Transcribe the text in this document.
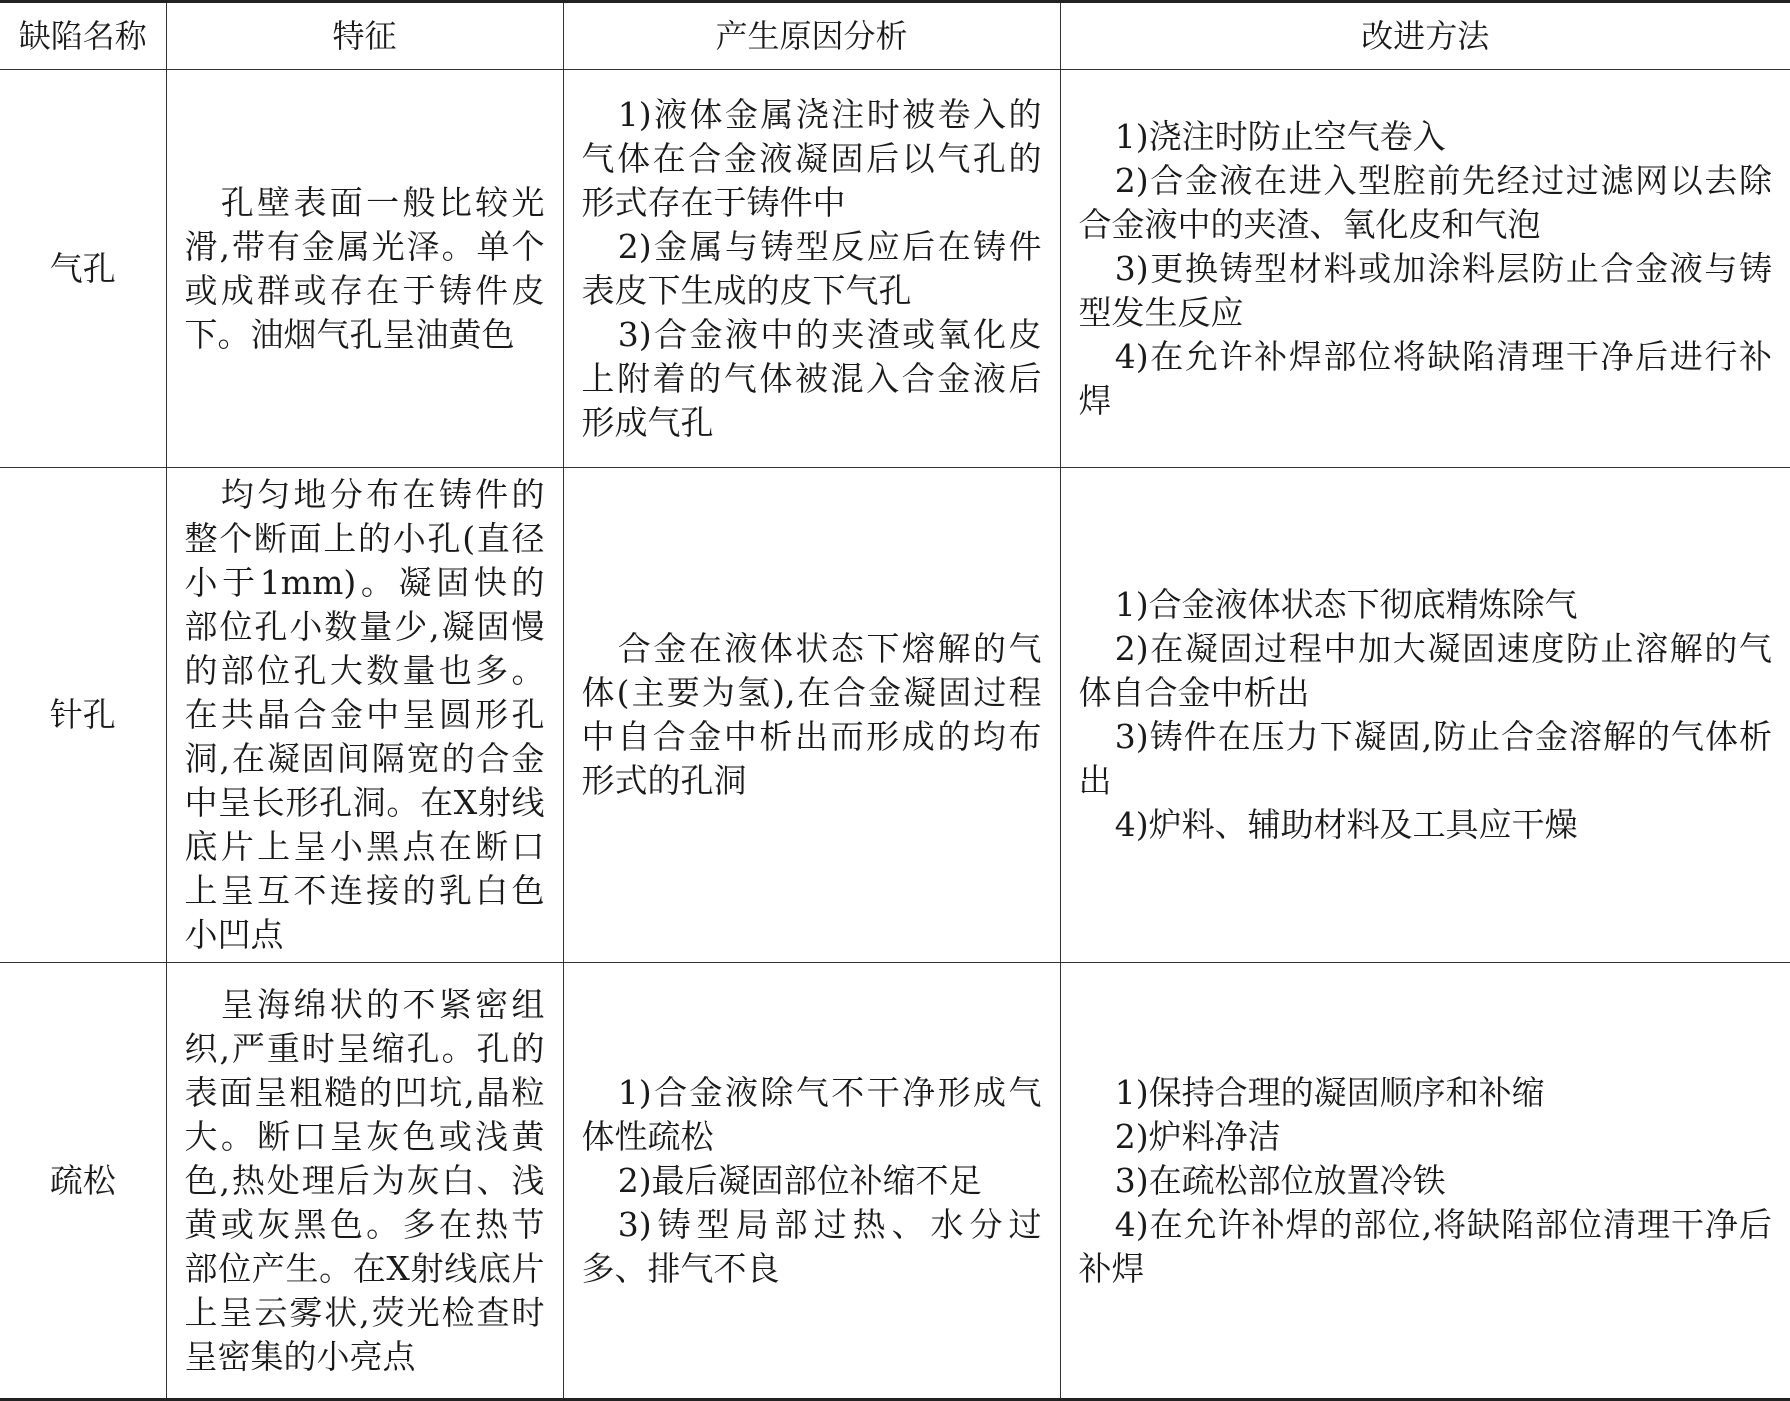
缺陷名称	特征	产生原因分析	改进方法
气孔	孔壁表面一般比较光滑,带有金属光泽。单个或成群或存在于铸件皮下。油烟气孔呈油黄色	1)液体金属浇注时被卷入的气体在合金液凝固后以气孔的形式存在于铸件中
2)金属与铸型反应后在铸件表皮下生成的皮下气孔
3)合金液中的夹渣或氧化皮上附着的气体被混入合金液后形成气孔	1)浇注时防止空气卷入
2)合金液在进入型腔前先经过过滤网以去除合金液中的夹渣、氧化皮和气泡
3)更换铸型材料或加涂料层防止合金液与铸型发生反应
4)在允许补焊部位将缺陷清理干净后进行补焊

针孔	均匀地分布在铸件的整个断面上的小孔(直径小于1mm)。凝固快的部位孔小数量少,凝固慢的部位孔大数量也多。在共晶合金中呈圆形孔洞,在凝固间隔宽的合金中呈长形孔洞。在X射线底片上呈小黑点在断口上呈互不连接的乳白色小凹点	合金在液体状态下熔解的气体(主要为氢),在合金凝固过程中自合金中析出而形成的均布形式的孔洞	1)合金液体状态下彻底精炼除气
2)在凝固过程中加大凝固速度防止溶解的气体自合金中析出
3)铸件在压力下凝固,防止合金溶解的气体析出
4)炉料、辅助材料及工具应干燥

疏松	呈海绵状的不紧密组织,严重时呈缩孔。孔的表面呈粗糙的凹坑,晶粒大。断口呈灰色或浅黄色,热处理后为灰白、浅黄或灰黑色。多在热节部位产生。在X射线底片上呈云雾状,荧光检查时呈密集的小亮点	1)合金液除气不干净形成气体性疏松
2)最后凝固部位补缩不足
3)铸型局部过热、水分过多、排气不良	1)保持合理的凝固顺序和补缩
2)炉料净洁
3)在疏松部位放置冷铁
4)在允许补焊的部位,将缺陷部位清理干净后补焊
